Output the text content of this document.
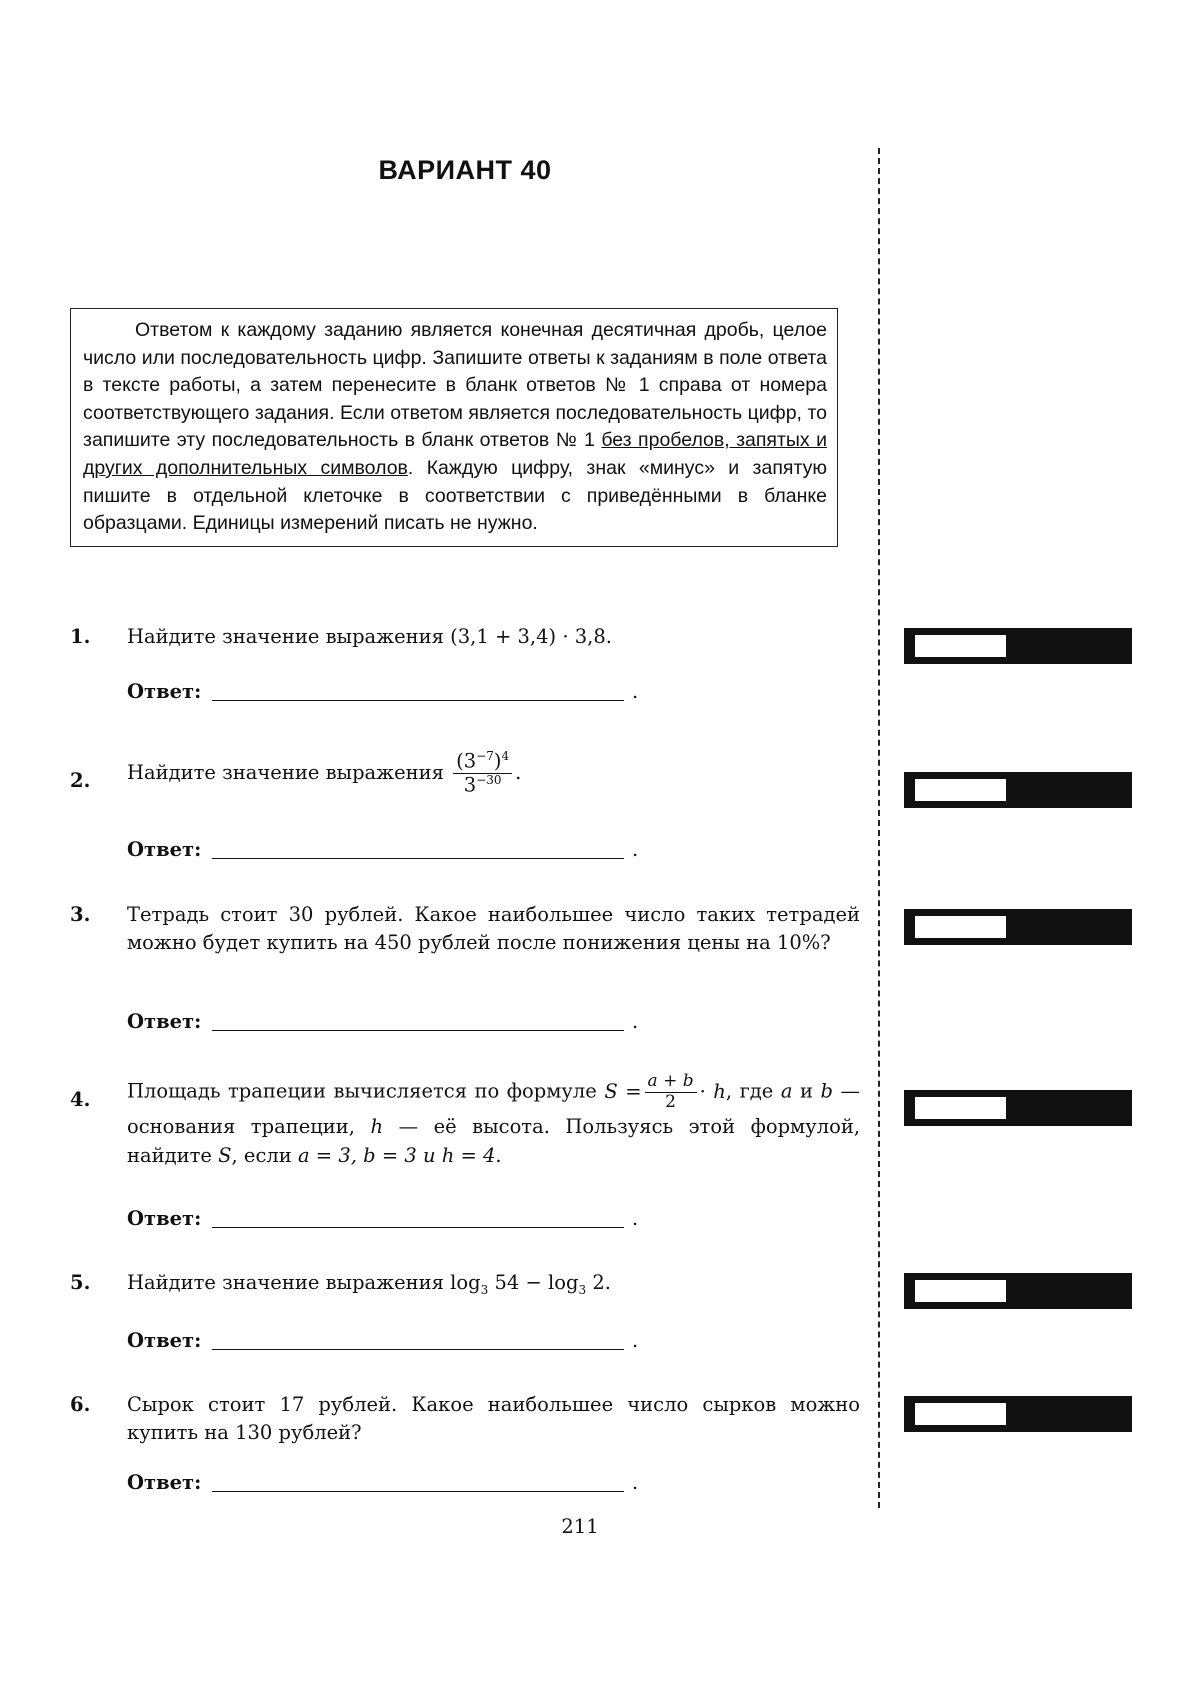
ВАРИАНТ 40
Ответом к каждому заданию является конечная десятичная дробь, целое число или последовательность цифр. Запишите ответы к заданиям в поле ответа в тексте работы, а затем перенесите в бланк ответов № 1 справа от номера соответствующего задания. Если ответом является последовательность цифр, то запишите эту последовательность в бланк ответов № 1 без пробелов, запятых и других дополнительных символов. Каждую цифру, знак «минус» и запятую пишите в отдельной клеточке в соответствии с приведёнными в бланке образцами. Единицы измерений писать не нужно.
1. Найдите значение выражения (3,1 + 3,4) · 3,8.
Ответ:	.
2. Найдите значение выражения $\frac{(3^{-7})^4}{3^{-30}}$ .
Ответ:	.
3. Тетрадь стоит 30 рублей. Какое наибольшее число таких тетрадей можно будет купить на 450 рублей после понижения цены на 10%?
Ответ:	.
4. Площадь трапеции вычисляется по формуле $S = \frac{a + b}{2} \cdot h$, где a и b — основания трапеции, h — её высота. Пользуясь этой формулой, найдите S, если a = 3, b = 3 и h = 4.
Ответ:	.
5. Найдите значение выражения $\log_3 54 - \log_3 2$.
Ответ:	.
6. Сырок стоит 17 рублей. Какое наибольшее число сырков можно купить на 130 рублей?
Ответ:	.
211
